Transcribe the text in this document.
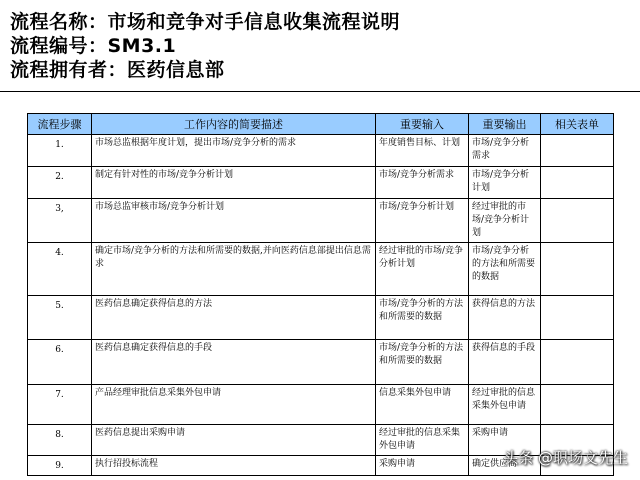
流程名称：市场和竞争对手信息收集流程说明
流程编号：SM3.1
流程拥有者：医药信息部
流程步骤	工作内容的简要描述	重要输入	重要输出	相关表单
1.	市场总监根据年度计划，提出市场/竞争分析的需求	年度销售目标、计划	市场/竞争分析需求	
2.	制定有针对性的市场/竞争分析计划	市场/竞争分析需求	市场/竞争分析计划	
3,	市场总监审核市场/竞争分析计划	市场/竞争分析计划	经过审批的市场/竞争分析计划	
4.	确定市场/竞争分析的方法和所需要的数据,并向医药信息部提出信息需求	经过审批的市场/竞争分析计划	市场/竞争分析的方法和所需要的数据	
5.	医药信息确定获得信息的方法	市场/竞争分析的方法和所需要的数据	获得信息的方法	
6.	医药信息确定获得信息的手段	市场/竞争分析的方法和所需要的数据	获得信息的手段	
7.	产品经理审批信息采集外包申请	信息采集外包申请	经过审批的信息采集外包申请	
8.	医药信息提出采购申请	经过审批的信息采集外包申请	采购申请	
9.	执行招投标流程	采购申请	确定供应商	
头条 @职场文先生
